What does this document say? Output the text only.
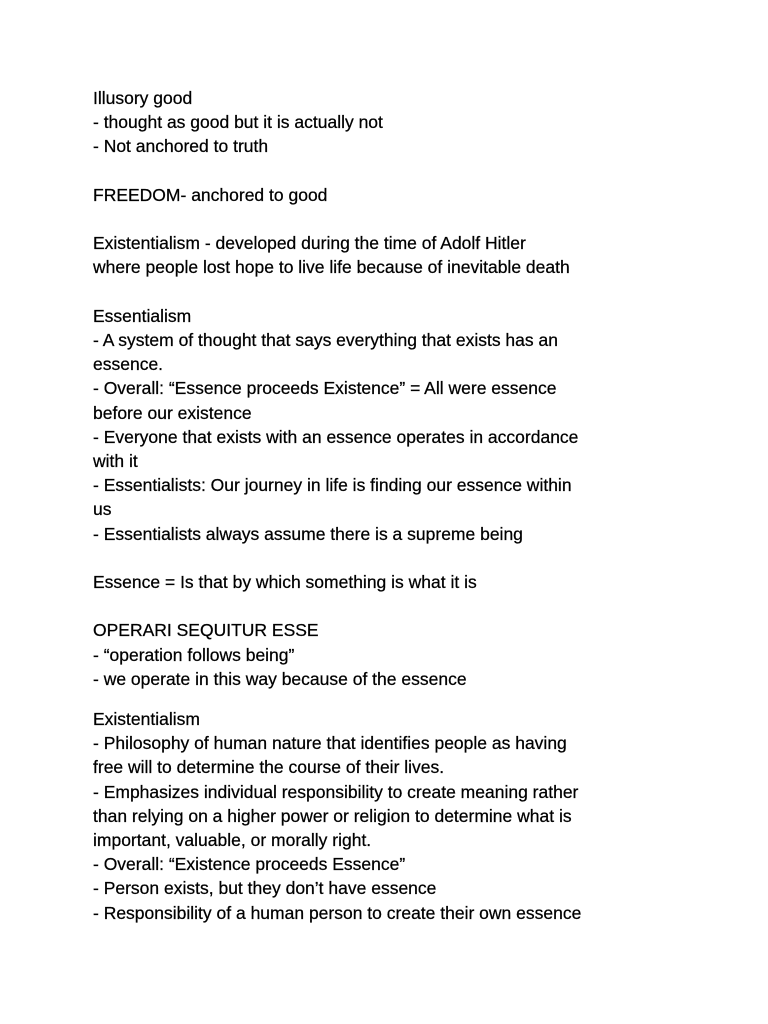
Illusory good
- thought as good but it is actually not
- Not anchored to truth
FREEDOM- anchored to good
Existentialism - developed during the time of Adolf Hitler
where people lost hope to live life because of inevitable death
Essentialism
- A system of thought that says everything that exists has an
essence.
- Overall: “Essence proceeds Existence” = All were essence
before our existence
- Everyone that exists with an essence operates in accordance
with it
- Essentialists: Our journey in life is finding our essence within
us
- Essentialists always assume there is a supreme being
Essence = Is that by which something is what it is
OPERARI SEQUITUR ESSE
- “operation follows being”
- we operate in this way because of the essence
Existentialism
- Philosophy of human nature that identifies people as having
free will to determine the course of their lives.
- Emphasizes individual responsibility to create meaning rather
than relying on a higher power or religion to determine what is
important, valuable, or morally right.
- Overall: “Existence proceeds Essence”
- Person exists, but they don’t have essence
- Responsibility of a human person to create their own essence
